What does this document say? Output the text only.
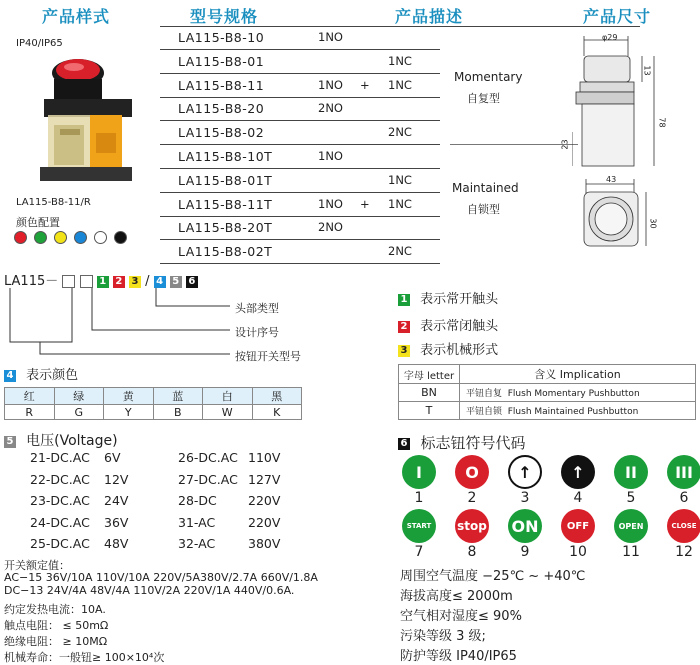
产品样式	型号规格	产品描述	产品尺寸
IP40/IP65
LA115-B8-11/R
颜色配置
LA115-B8-10	1NO
LA115-B8-01	1NC
LA115-B8-11	1NO + 1NC
LA115-B8-20	2NO
LA115-B8-02	2NC
LA115-B8-10T	1NO
LA115-B8-01T	1NC
LA115-B8-11T	1NO + 1NC
LA115-B8-20T	2NO
LA115-B8-02T	2NC
Momentary
自复型
Maintained
自锁型
φ29
13
78
23
43
30
LA115－	1 2 3 / 4 5 6
头部类型
设计序号
按钮开关型号
1 表示常开触头
2 表示常闭触头
3 表示机械形式
4 表示颜色
红	绿	黄	蓝	白	黑
R	G	Y	B	W	K
字母 letter	含义 Implication
BN	平钮自复 Flush Momentary Pushbutton
T	平钮自锁 Flush Maintained Pushbutton
5 电压(Voltage)
21-DC.AC 6V	26-DC.AC 110V
22-DC.AC 12V	27-DC.AC 127V
23-DC.AC 24V	28-DC 220V
24-DC.AC 36V	31-AC	220V
25-DC.AC 48V	32-AC	380V
开关额定值：
AC−15 36V/10A 110V/10A 220V/5A380V/2.7A 660V/1.8A
DC−13 24V/4A 48V/4A 110V/2A 220V/1A 440V/0.6A.
约定发热电流：10A.
触点电阻： ≤ 50mΩ
绝缘电阻： ≥ 10MΩ
机械寿命：一般钮≥ 100×10⁴次
6 标志钮符号代码
I
1
O
2
↑
3
↑
4
II
5
III
6
START
7
stop
8
ON
9
OFF
10
OPEN
11
CLOSE
12
周围空气温度 −25℃ ~ +40℃
海拔高度≤ 2000m
空气相对湿度≤ 90%
污染等级 3 级;
防护等级 IP40/IP65
